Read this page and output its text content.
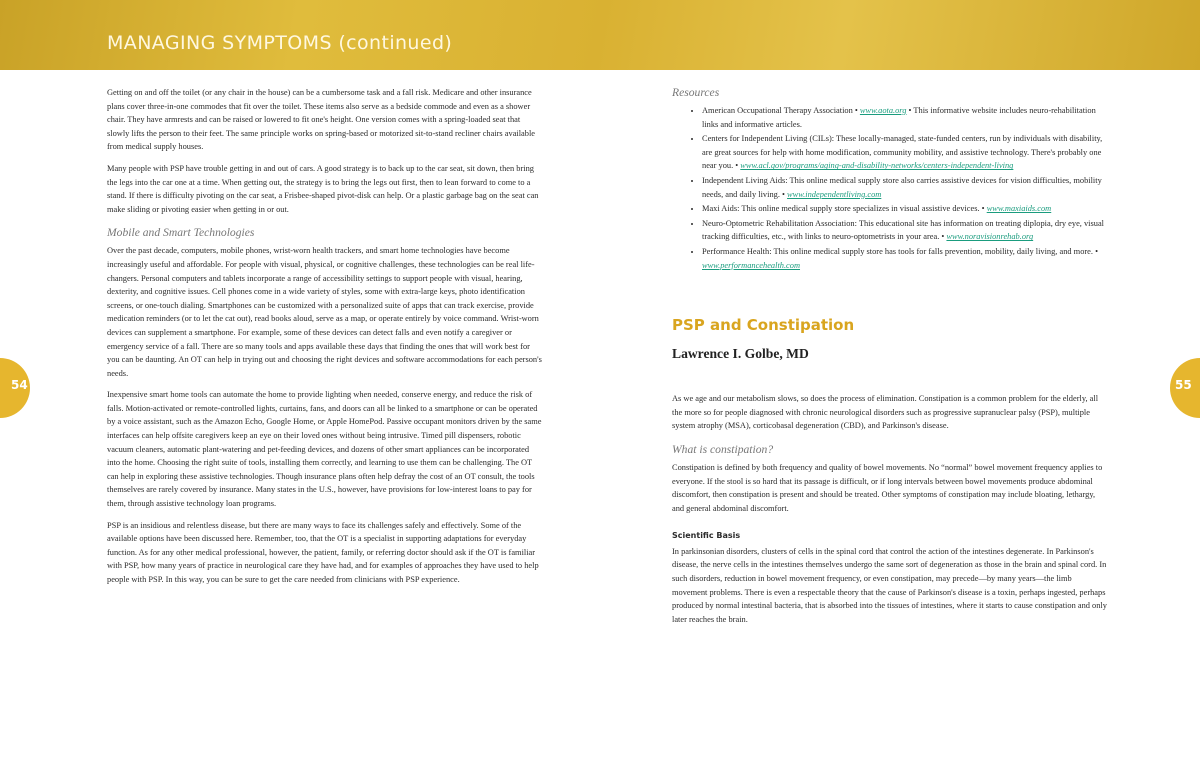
MANAGING SYMPTOMS (continued)
54	55

Getting on and off the toilet (or any chair in the house) can be a cumbersome task and a fall risk. Medicare and other insurance plans cover three-in-one commodes that fit over the toilet. These items also serve as a bedside commode and even as a shower chair. They have armrests and can be raised or lowered to fit one's height. One version comes with a spring-loaded seat that slowly lifts the person to their feet. The same principle works on spring-based or motorized sit-to-stand recliner chairs available from medical supply houses.

Many people with PSP have trouble getting in and out of cars. A good strategy is to back up to the car seat, sit down, then bring the legs into the car one at a time. When getting out, the strategy is to bring the legs out first, then to lean forward to come to a stand. If there is difficulty pivoting on the car seat, a Frisbee-shaped pivot-disk can help. Or a plastic garbage bag on the seat can make sliding or pivoting easier when getting in or out.

Mobile and Smart Technologies

Over the past decade, computers, mobile phones, wrist-worn health trackers, and smart home technologies have become increasingly useful and affordable. For people with visual, physical, or cognitive challenges, these technologies can be real life-changers. Personal computers and tablets incorporate a range of accessibility settings to support people with visual, hearing, dexterity, and cognitive issues. Cell phones come in a wide variety of styles, some with extra-large keys, photo identification screens, or one-touch dialing. Smartphones can be customized with a personalized suite of apps that can track exercise, provide medication reminders (or to let the cat out), read books aloud, serve as a map, or operate entirely by voice command. Wrist-worn devices can supplement a smartphone. For example, some of these devices can detect falls and even notify a caregiver or emergency service of a fall. There are so many tools and apps available these days that finding the ones that will work best for you can be daunting. An OT can help in trying out and choosing the right devices and software accommodations for each person's needs.

Inexpensive smart home tools can automate the home to provide lighting when needed, conserve energy, and reduce the risk of falls. Motion-activated or remote-controlled lights, curtains, fans, and doors can all be linked to a smartphone or can be operated by a voice assistant, such as the Amazon Echo, Google Home, or Apple HomePod. Passive occupant monitors driven by the same interfaces can help offsite caregivers keep an eye on their loved ones without being intrusive. Timed pill dispensers, robotic vacuum cleaners, automatic plant-watering and pet-feeding devices, and dozens of other smart appliances can be incorporated into the home. Choosing the right suite of tools, installing them correctly, and learning to use them can be challenging. The OT can help in exploring these assistive technologies. Though insurance plans often help defray the cost of an OT consult, the tools themselves are rarely covered by insurance. Many states in the U.S., however, have provisions for low-interest loans to pay for them, through assistive technology loan programs.

PSP is an insidious and relentless disease, but there are many ways to face its challenges safely and effectively. Some of the available options have been discussed here. Remember, too, that the OT is a specialist in supporting adaptations for everyday function. As for any other medical professional, however, the patient, family, or referring doctor should ask if the OT is familiar with PSP, how many years of practice in neurological care they have had, and for examples of approaches they have used to help people with PSP. In this way, you can be sure to get the care needed from clinicians with PSP experience.

Resources
• American Occupational Therapy Association • www.aota.org • This informative website includes neuro-rehabilitation links and informative articles.
• Centers for Independent Living (CILs): These locally-managed, state-funded centers, run by individuals with disability, are great sources for help with home modification, community mobility, and assistive technology. There's probably one near you. • www.acl.gov/programs/aging-and-disability-networks/centers-independent-living
• Independent Living Aids: This online medical supply store also carries assistive devices for vision difficulties, mobility needs, and daily living. • www.independentliving.com
• Maxi Aids: This online medical supply store specializes in visual assistive devices. • www.maxiaids.com
• Neuro-Optometric Rehabilitation Association: This educational site has information on treating diplopia, dry eye, visual tracking difficulties, etc., with links to neuro-optometrists in your area. • www.noravisionrehab.org
• Performance Health: This online medical supply store has tools for falls prevention, mobility, daily living, and more. • www.performancehealth.com
PSP and Constipation
Lawrence I. Golbe, MD

As we age and our metabolism slows, so does the process of elimination. Constipation is a common problem for the elderly, all the more so for people diagnosed with chronic neurological disorders such as progressive supranuclear palsy (PSP), multiple system atrophy (MSA), corticobasal degeneration (CBD), and Parkinson's disease.

What is constipation?

Constipation is defined by both frequency and quality of bowel movements. No “normal” bowel movement frequency applies to everyone. If the stool is so hard that its passage is difficult, or if long intervals between bowel movements produce abdominal discomfort, then constipation is present and should be treated. Other symptoms of constipation may include bloating, lethargy, and general abdominal discomfort.

Scientific Basis

In parkinsonian disorders, clusters of cells in the spinal cord that control the action of the intestines degenerate. In Parkinson's disease, the nerve cells in the intestines themselves undergo the same sort of degeneration as those in the brain and spinal cord. In such disorders, reduction in bowel movement frequency, or even constipation, may precede—by many years—the limb movement problems. There is even a respectable theory that the cause of Parkinson's disease is a toxin, perhaps ingested, perhaps produced by normal intestinal bacteria, that is absorbed into the tissues of intestines, where it starts to cause constipation and only later reaches the brain.
